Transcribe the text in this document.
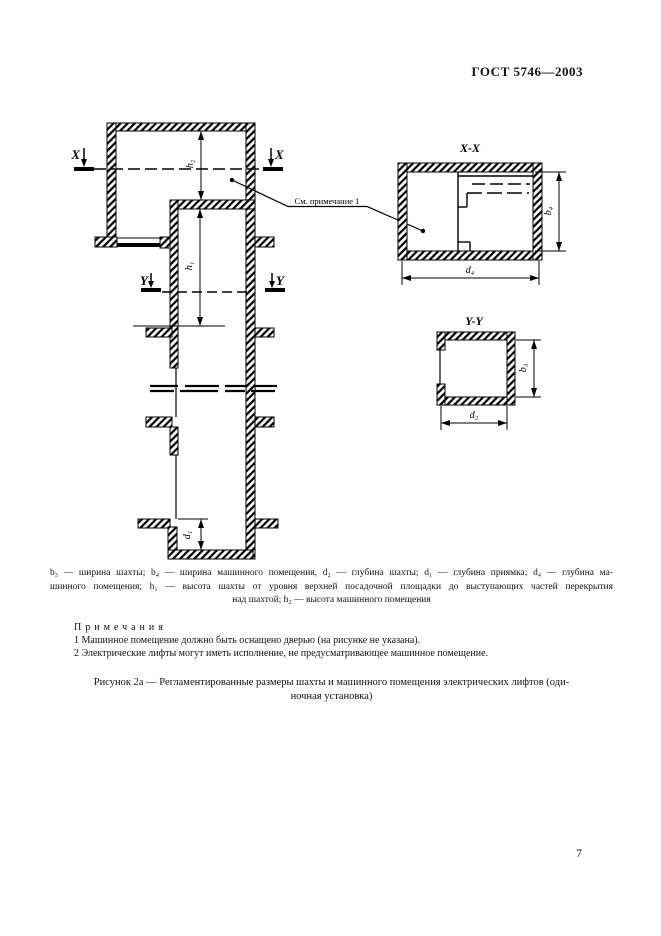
ГОСТ 5746—2003
X	X
Y	Y
h₂
h₁
d₁
См. примечание 1
X-X
b₄
d₄
Y-Y
b₃
d₂
b₃ — ширина шахты; b₄ — ширина машинного помещения, d₂ — глубина шахты; d₁ — глубина приямка; d₄ — глубина ма-
шинного помещения; h₁ — высота шахты от уровня верхней посадочной площадки до выступающих частей перекрытия
над шахтой; h₂ — высота машинного помещения
Примечания
1 Машинное помещение должно быть оснащено дверью (на рисунке не указана).
2 Электрические лифты могут иметь исполнение, не предусматривающее машинное помещение.
Рисунок 2а — Регламентированные размеры шахты и машинного помещения электрических лифтов (оди-
ночная установка)
7
